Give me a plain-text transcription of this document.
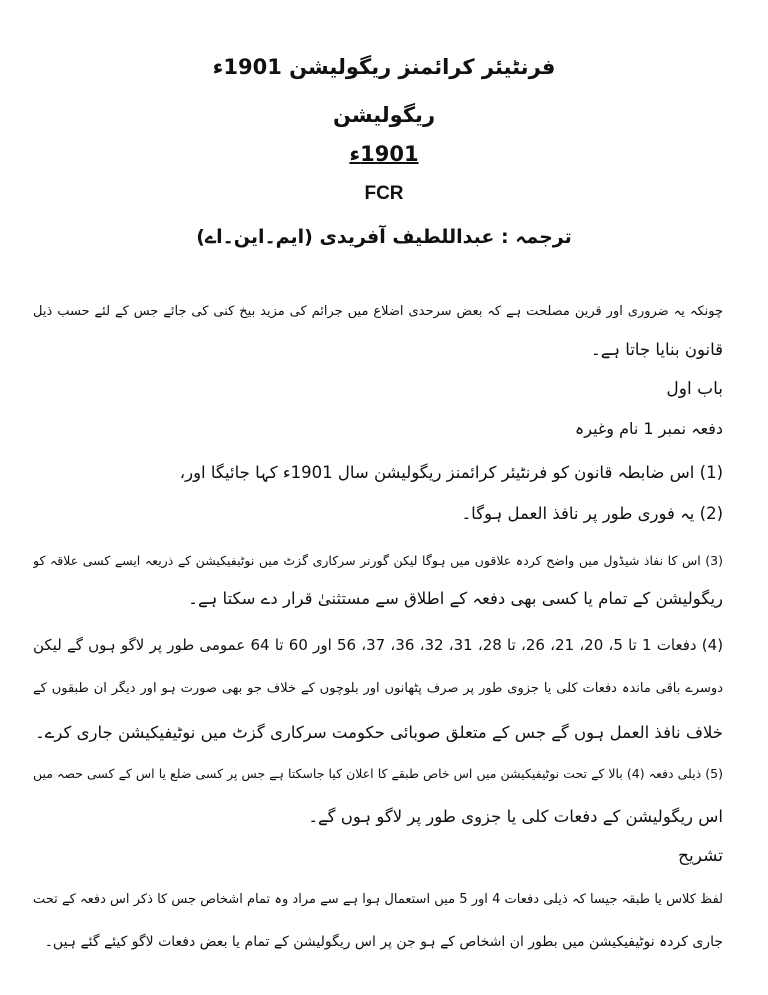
فرنٹیئر کرائمنز ریگولیشن 1901ء
ریگولیشن
1901ء
FCR
ترجمہ : عبداللطیف آفریدی (ایم۔این۔اے)
چونکہ یہ ضروری اور قرین مصلحت ہے کہ بعض سرحدی اضلاع میں جرائم کی مزید بیخ کنی کی جائے جس کے لئے حسب ذیل
قانون بنایا جاتا ہے۔
باب اول
دفعہ نمبر 1 نام وغیرہ
(1) اس ضابطہ قانون کو فرنٹیئر کرائمنز ریگولیشن سال 1901ء کہا جائیگا اور،
(2) یہ فوری طور پر نافذ العمل ہوگا۔
(3) اس کا نفاذ شیڈول میں واضح کردہ علاقوں میں ہوگا لیکن گورنر سرکاری گزٹ میں نوٹیفیکیشن کے ذریعہ ایسے کسی علاقہ کو
ریگولیشن کے تمام یا کسی بھی دفعہ کے اطلاق سے مستثنیٰ قرار دے سکتا ہے۔
(4) دفعات 1 تا 5، 20، 21، 26، تا 28، 31، 32، 36، 37، 56 اور 60 تا 64 عمومی طور پر لاگو ہوں گے لیکن
دوسرے باقی ماندہ دفعات کلی یا جزوی طور پر صرف پٹھانوں اور بلوچوں کے خلاف جو بھی صورت ہو اور دیگر ان طبقوں کے
خلاف نافذ العمل ہوں گے جس کے متعلق صوبائی حکومت سرکاری گزٹ میں نوٹیفیکیشن جاری کرے۔
(5) ذیلی دفعہ (4) بالا کے تحت نوٹیفیکیشن میں اس خاص طبقے کا اعلان کیا جاسکتا ہے جس پر کسی ضلع یا اس کے کسی حصہ میں
اس ریگولیشن کے دفعات کلی یا جزوی طور پر لاگو ہوں گے۔
تشریح
لفظ کلاس یا طبقہ جیسا کہ ذیلی دفعات 4 اور 5 میں استعمال ہوا ہے سے مراد وہ تمام اشخاص جس کا ذکر اس دفعہ کے تحت
جاری کردہ نوٹیفیکیشن میں بطور ان اشخاص کے ہو جن پر اس ریگولیشن کے تمام یا بعض دفعات لاگو کیئے گئے ہیں۔
